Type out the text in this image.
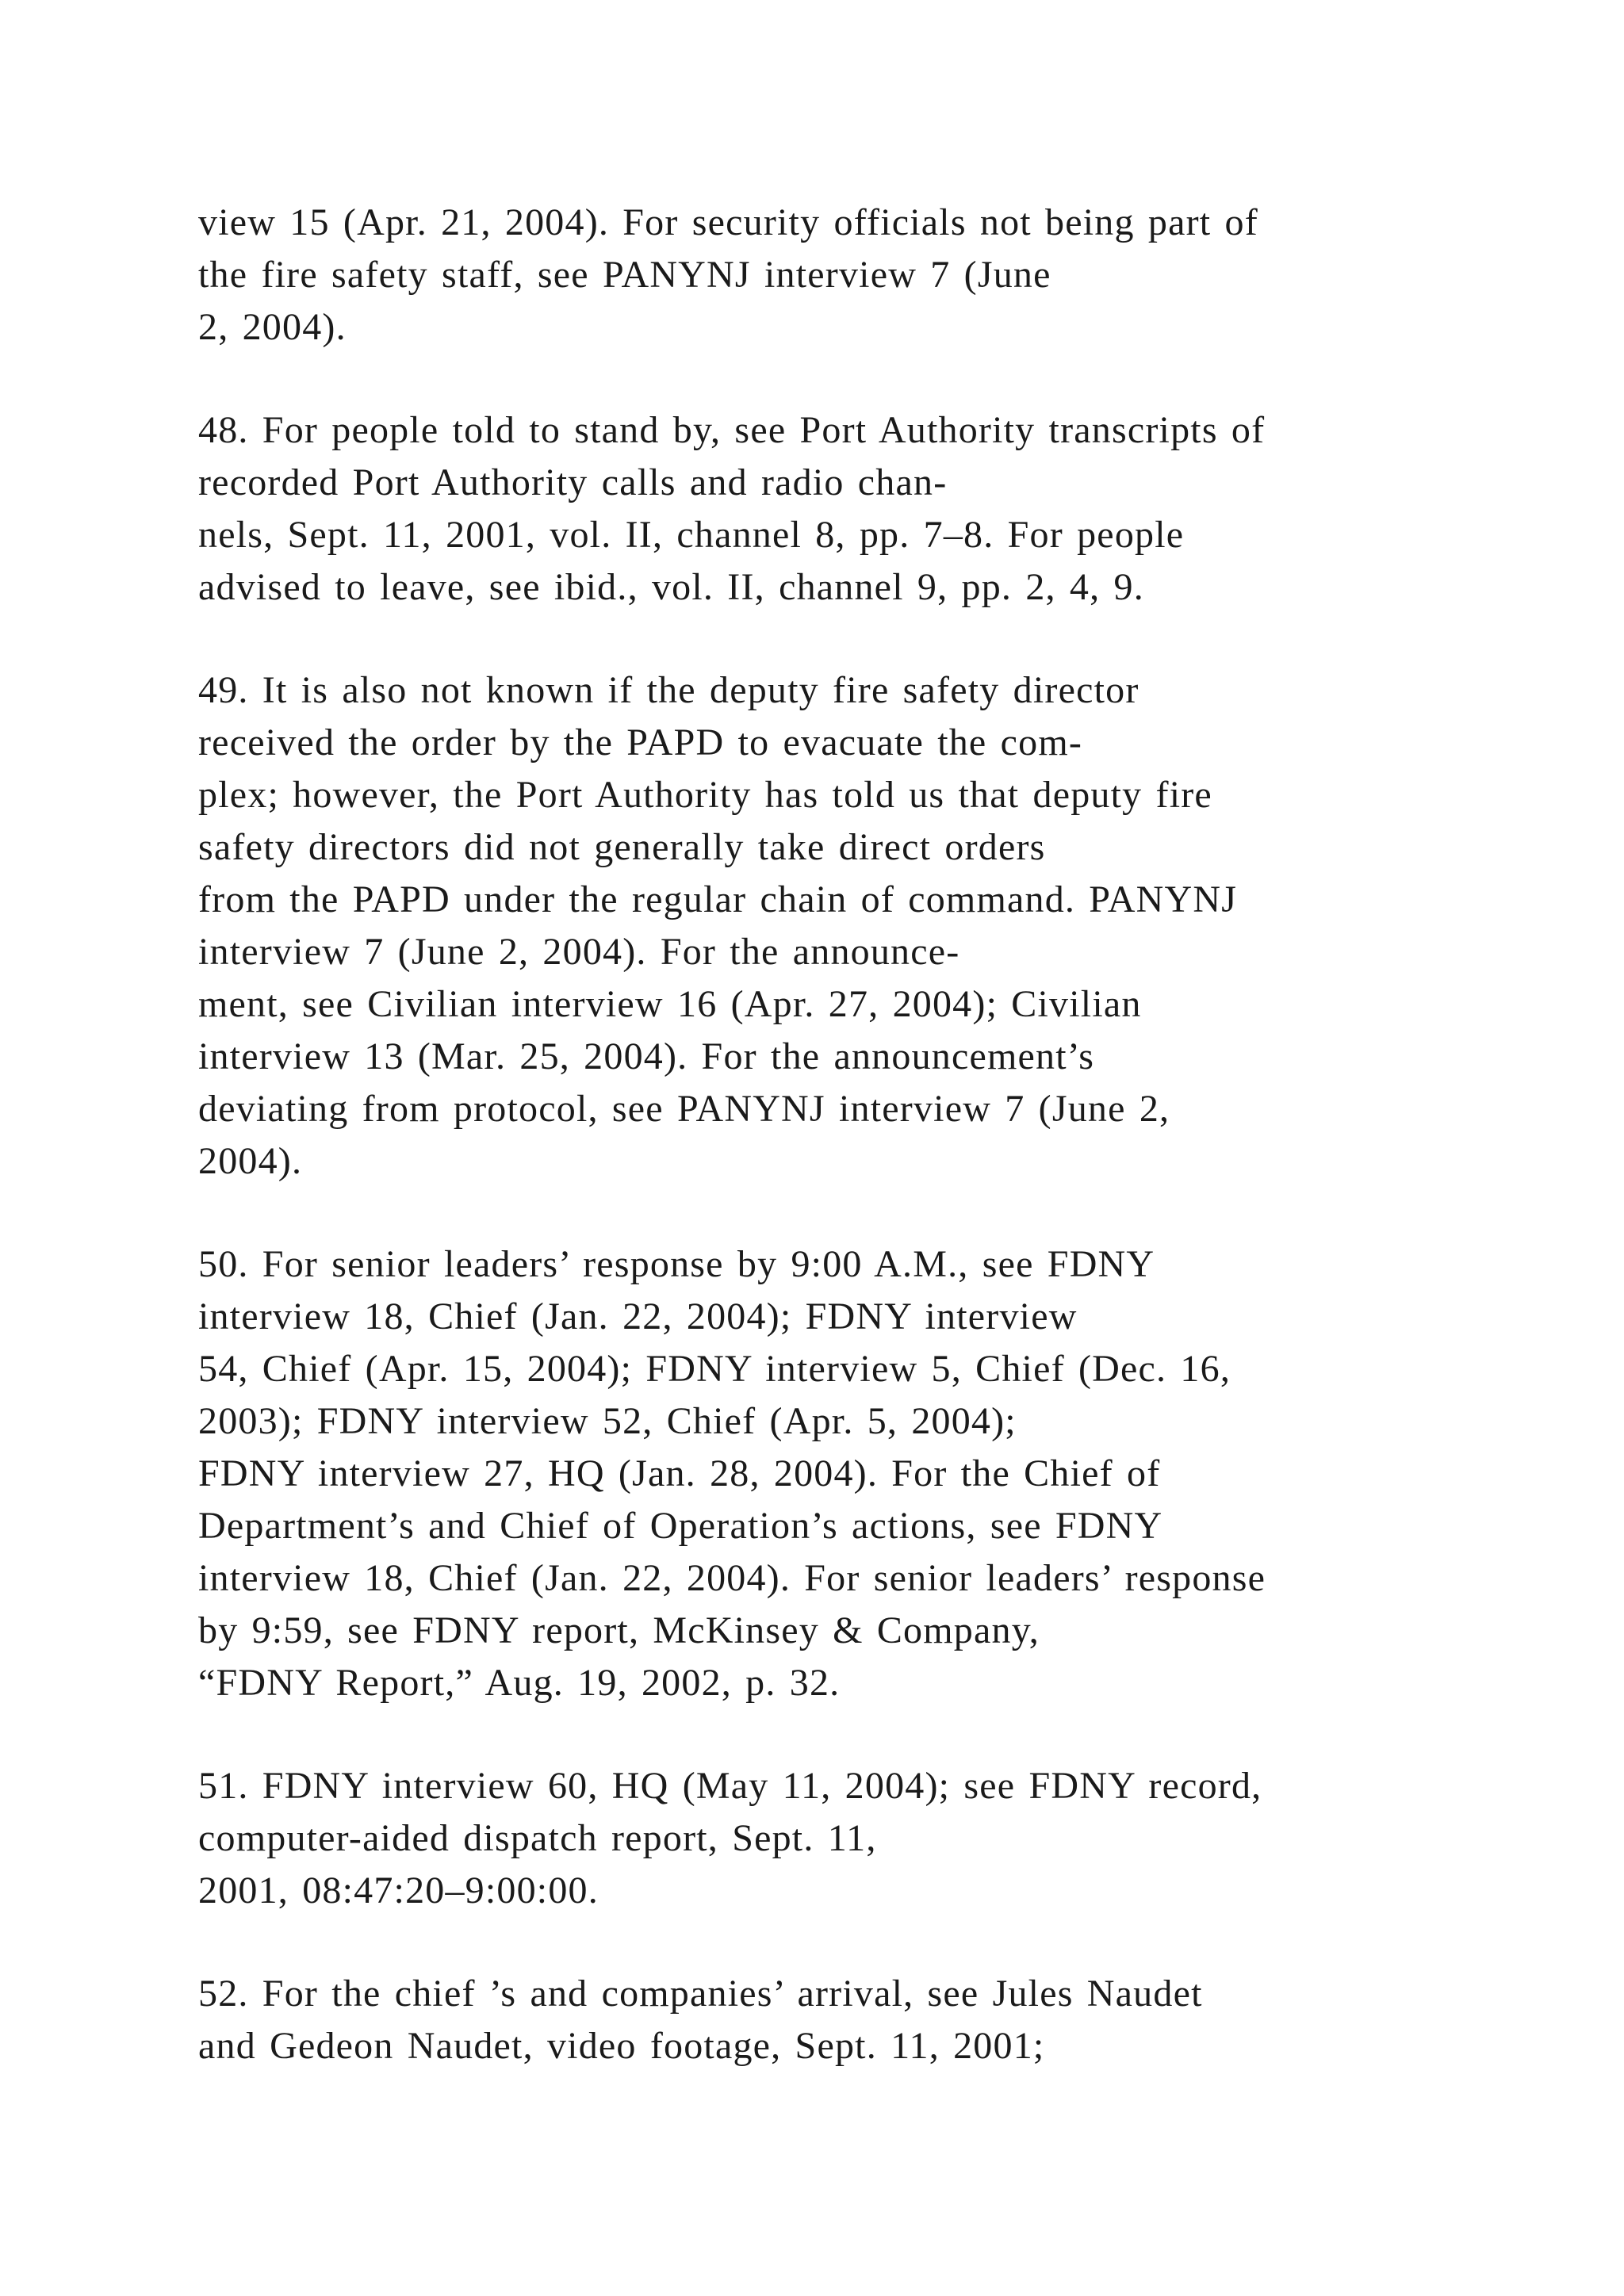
view 15 (Apr. 21, 2004). For security officials not being part of
the fire safety staff, see PANYNJ interview 7 (June
2, 2004).
48. For people told to stand by, see Port Authority transcripts of
recorded Port Authority calls and radio chan-
nels, Sept. 11, 2001, vol. II, channel 8, pp. 7–8. For people
advised to leave, see ibid., vol. II, channel 9, pp. 2, 4, 9.
49. It is also not known if the deputy fire safety director
received the order by the PAPD to evacuate the com-
plex; however, the Port Authority has told us that deputy fire
safety directors did not generally take direct orders
from the PAPD under the regular chain of command. PANYNJ
interview 7 (June 2, 2004). For the announce-
ment, see Civilian interview 16 (Apr. 27, 2004); Civilian
interview 13 (Mar. 25, 2004). For the announcement’s
deviating from protocol, see PANYNJ interview 7 (June 2,
2004).
50. For senior leaders’ response by 9:00 A.M., see FDNY
interview 18, Chief (Jan. 22, 2004); FDNY interview
54, Chief (Apr. 15, 2004); FDNY interview 5, Chief (Dec. 16,
2003); FDNY interview 52, Chief (Apr. 5, 2004);
FDNY interview 27, HQ (Jan. 28, 2004). For the Chief of
Department’s and Chief of Operation’s actions, see FDNY
interview 18, Chief (Jan. 22, 2004). For senior leaders’ response
by 9:59, see FDNY report, McKinsey & Company,
“FDNY Report,” Aug. 19, 2002, p. 32.
51. FDNY interview 60, HQ (May 11, 2004); see FDNY record,
computer-aided dispatch report, Sept. 11,
2001, 08:47:20–9:00:00.
52. For the chief ’s and companies’ arrival, see Jules Naudet
and Gedeon Naudet, video footage, Sept. 11, 2001;
